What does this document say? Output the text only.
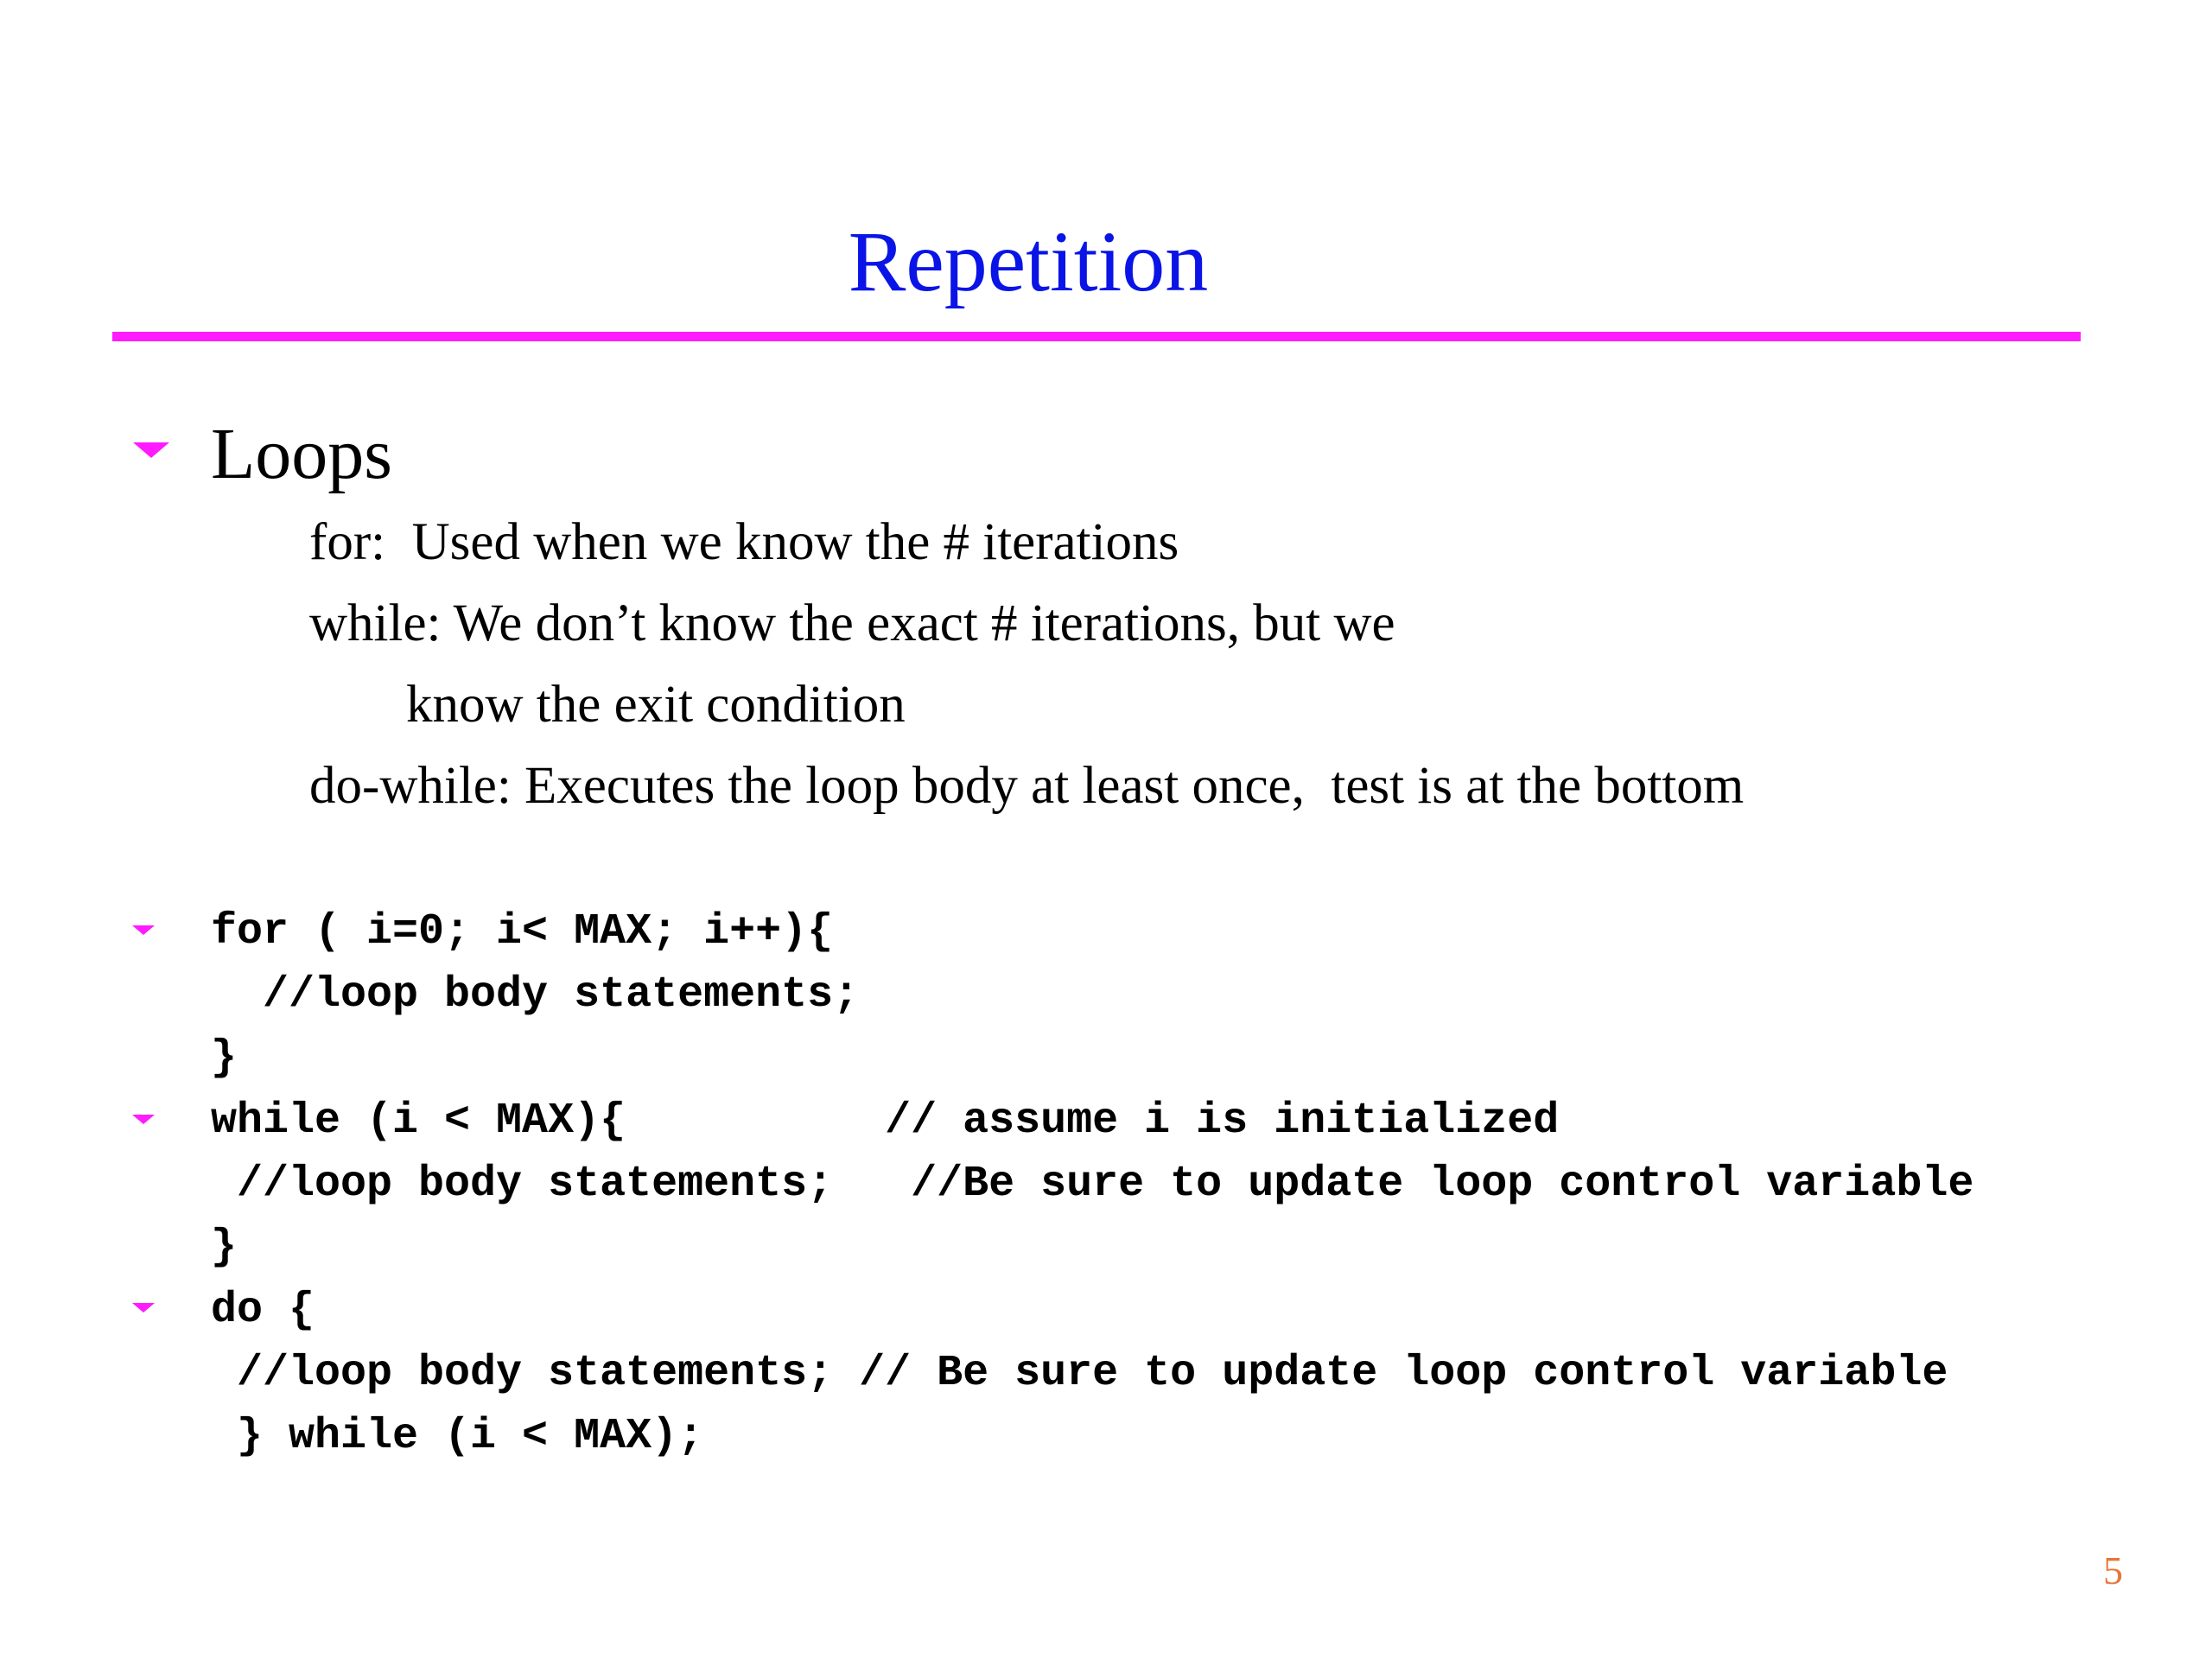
Repetition
Loops
for:  Used when we know the # iterations
while: We don’t know the exact # iterations, but we
know the exit condition
do-while: Executes the loop body at least once,  test is at the bottom
for ( i=0; i< MAX; i++){
//loop body statements;
}
while (i < MAX){          // assume i is initialized
//loop body statements;   //Be sure to update loop control variable
}
do {
//loop body statements; // Be sure to update loop control variable
} while (i < MAX);
5
